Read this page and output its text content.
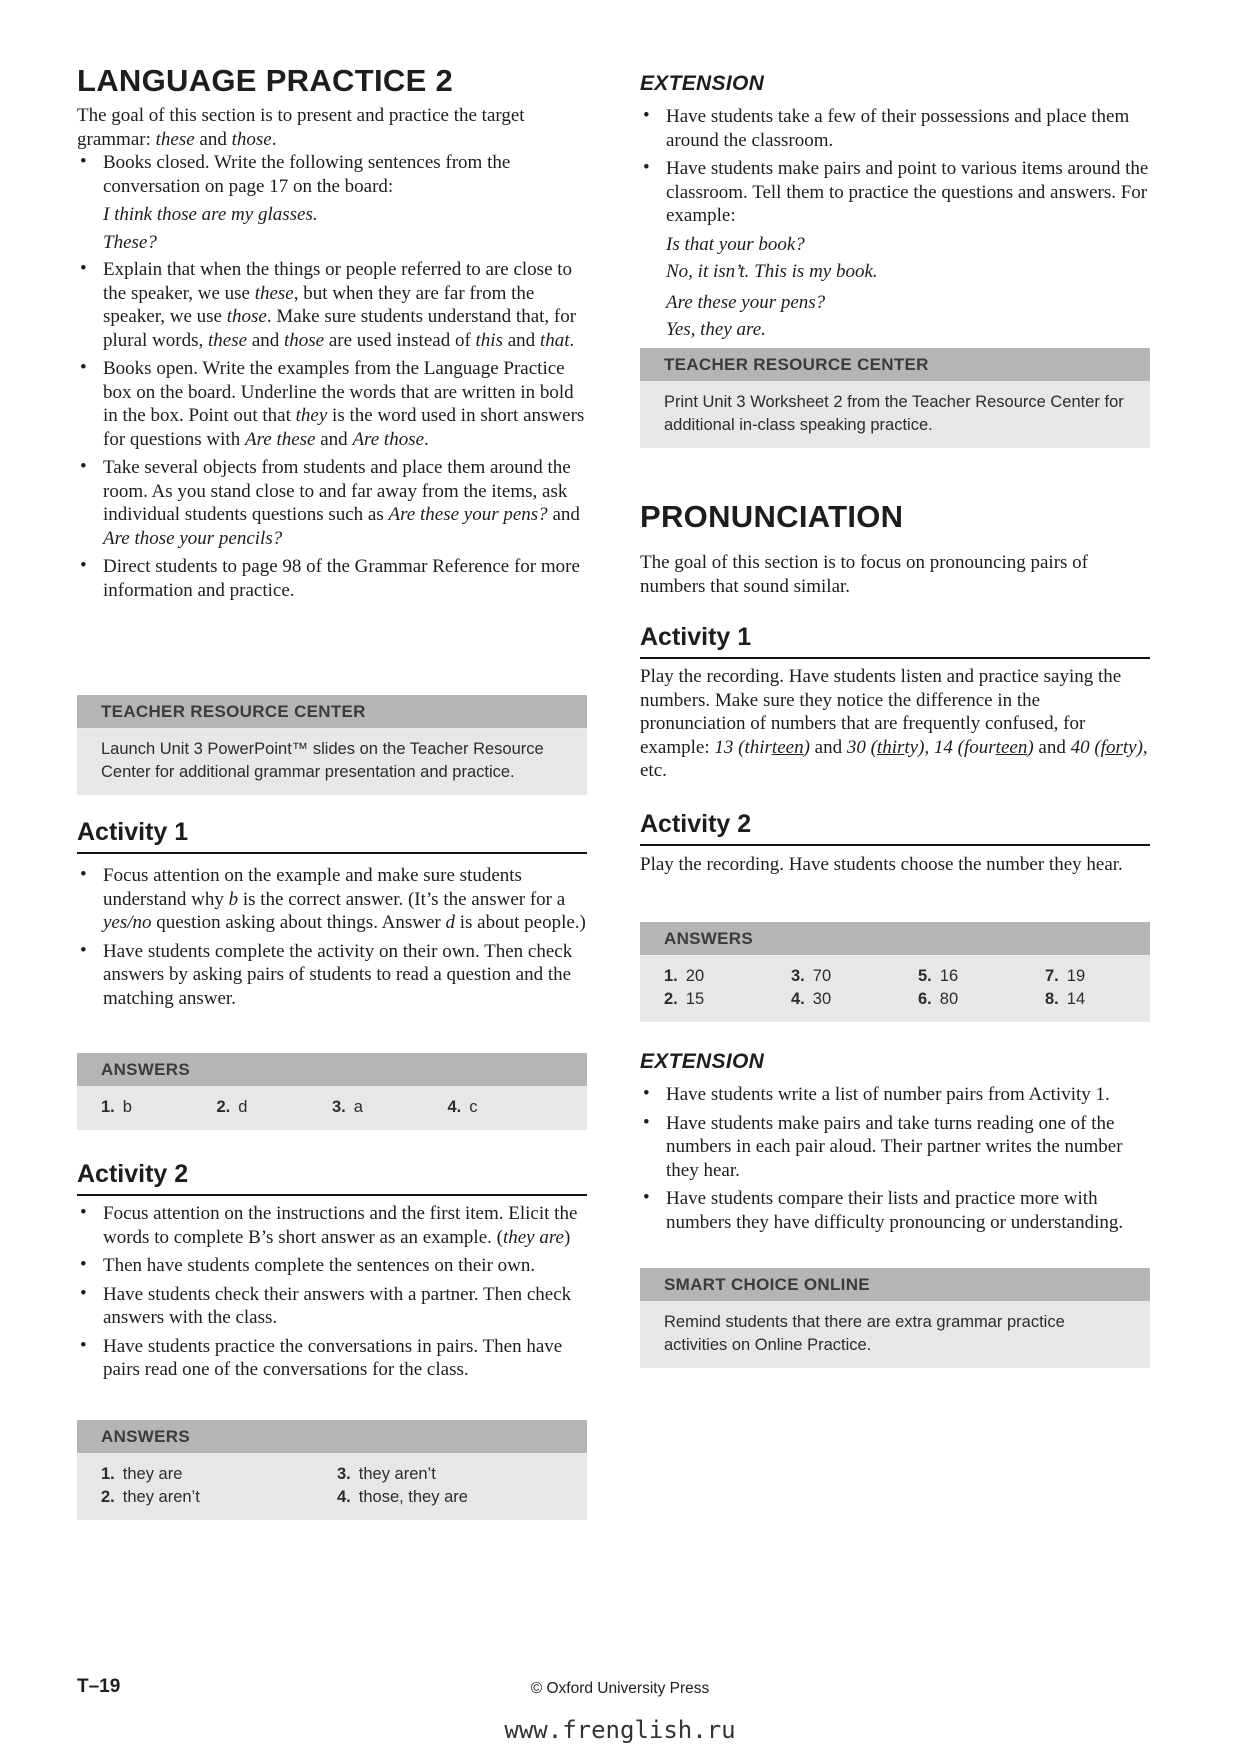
LANGUAGE PRACTICE 2
The goal of this section is to present and practice the target grammar: these and those.
• Books closed. Write the following sentences from the conversation on page 17 on the board:
I think those are my glasses.
These?
• Explain that when the things or people referred to are close to the speaker, we use these, but when they are far from the speaker, we use those. Make sure students understand that, for plural words, these and those are used instead of this and that.
• Books open. Write the examples from the Language Practice box on the board. Underline the words that are written in bold in the box. Point out that they is the word used in short answers for questions with Are these and Are those.
• Take several objects from students and place them around the room. As you stand close to and far away from the items, ask individual students questions such as Are these your pens? and Are those your pencils?
• Direct students to page 98 of the Grammar Reference for more information and practice.
TEACHER RESOURCE CENTER
Launch Unit 3 PowerPoint™ slides on the Teacher Resource Center for additional grammar presentation and practice.
Activity 1
• Focus attention on the example and make sure students understand why b is the correct answer. (It’s the answer for a yes/no question asking about things. Answer d is about people.)
• Have students complete the activity on their own. Then check answers by asking pairs of students to read a question and the matching answer.
ANSWERS
1. b	2. d	3. a	4. c
Activity 2
• Focus attention on the instructions and the first item. Elicit the words to complete B’s short answer as an example. (they are)
• Then have students complete the sentences on their own.
• Have students check their answers with a partner. Then check answers with the class.
• Have students practice the conversations in pairs. Then have pairs read one of the conversations for the class.
ANSWERS
1. they are	3. they aren’t
2. they aren’t	4. those, they are
EXTENSION
• Have students take a few of their possessions and place them around the classroom.
• Have students make pairs and point to various items around the classroom. Tell them to practice the questions and answers. For example:
Is that your book?
No, it isn’t. This is my book.
Are these your pens?
Yes, they are.
TEACHER RESOURCE CENTER
Print Unit 3 Worksheet 2 from the Teacher Resource Center for additional in-class speaking practice.
PRONUNCIATION
The goal of this section is to focus on pronouncing pairs of numbers that sound similar.
Activity 1
Play the recording. Have students listen and practice saying the numbers. Make sure they notice the difference in the pronunciation of numbers that are frequently confused, for example: 13 (thirteen) and 30 (thirty), 14 (fourteen) and 40 (forty), etc.
Activity 2
Play the recording. Have students choose the number they hear.
ANSWERS
1. 20	3. 70	5. 16	7. 19
2. 15	4. 30	6. 80	8. 14
EXTENSION
• Have students write a list of number pairs from Activity 1.
• Have students make pairs and take turns reading one of the numbers in each pair aloud. Their partner writes the number they hear.
• Have students compare their lists and practice more with numbers they have difficulty pronouncing or understanding.
SMART CHOICE ONLINE
Remind students that there are extra grammar practice activities on Online Practice.
T–19	© Oxford University Press
www.frenglish.ru
